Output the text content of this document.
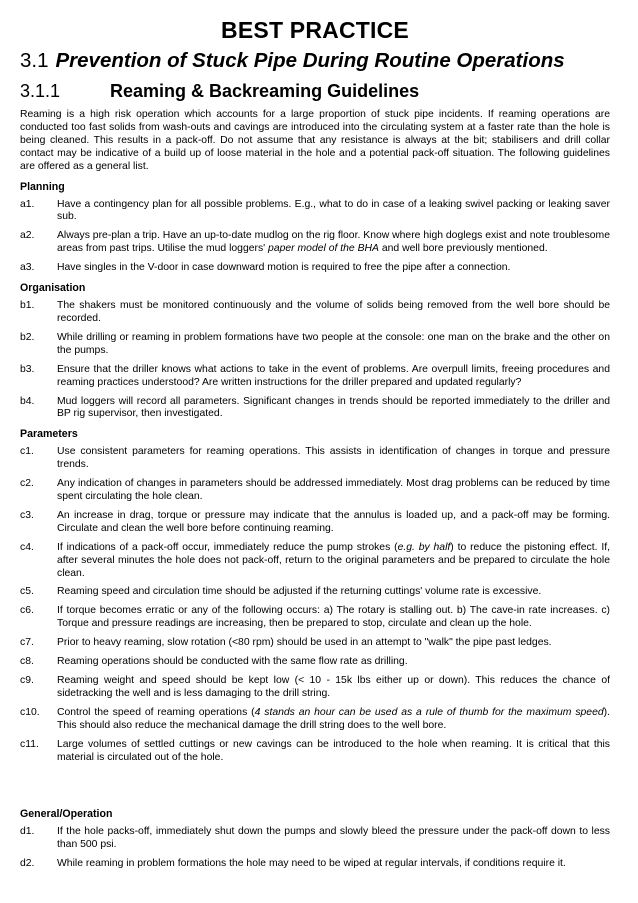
BEST PRACTICE
3.1 Prevention of Stuck Pipe During Routine Operations
3.1.1	Reaming & Backreaming Guidelines

Reaming is a high risk operation which accounts for a large proportion of stuck pipe incidents. If reaming operations are conducted too fast solids from wash-outs and cavings are introduced into the circulating system at a faster rate than the hole is being cleaned. This results in a pack-off. Do not assume that any resistance is always at the bit; stabilisers and drill collar contact may be indicative of a build up of loose material in the hole and a potential pack-off situation. The following guidelines are offered as a general list.

Planning
a1.	Have a contingency plan for all possible problems. E.g., what to do in case of a leaking swivel packing or leaking saver sub.
a2.	Always pre-plan a trip. Have an up-to-date mudlog on the rig floor. Know where high doglegs exist and note troublesome areas from past trips. Utilise the mud loggers' paper model of the BHA and well bore previously mentioned.
a3.	Have singles in the V-door in case downward motion is required to free the pipe after a connection.
Organisation
b1.	The shakers must be monitored continuously and the volume of solids being removed from the well bore should be recorded.
b2.	While drilling or reaming in problem formations have two people at the console: one man on the brake and the other on the pumps.
b3.	Ensure that the driller knows what actions to take in the event of problems. Are overpull limits, freeing procedures and reaming practices understood? Are written instructions for the driller prepared and updated regularly?
b4.	Mud loggers will record all parameters. Significant changes in trends should be reported immediately to the driller and BP rig supervisor, then investigated.
Parameters
c1.	Use consistent parameters for reaming operations. This assists in identification of changes in torque and pressure trends.
c2.	Any indication of changes in parameters should be addressed immediately. Most drag problems can be reduced by time spent circulating the hole clean.
c3.	An increase in drag, torque or pressure may indicate that the annulus is loaded up, and a pack-off may be forming. Circulate and clean the well bore before continuing reaming.
c4.	If indications of a pack-off occur, immediately reduce the pump strokes (e.g. by half) to reduce the pistoning effect. If, after several minutes the hole does not pack-off, return to the original parameters and be prepared to circulate the hole clean.
c5.	Reaming speed and circulation time should be adjusted if the returning cuttings' volume rate is excessive.
c6.	If torque becomes erratic or any of the following occurs: a) The rotary is stalling out. b) The cave-in rate increases. c) Torque and pressure readings are increasing, then be prepared to stop, circulate and clean up the hole.
c7.	Prior to heavy reaming, slow rotation (<80 rpm) should be used in an attempt to "walk" the pipe past ledges.
c8.	Reaming operations should be conducted with the same flow rate as drilling.
c9.	Reaming weight and speed should be kept low (< 10 - 15k lbs either up or down). This reduces the chance of sidetracking the well and is less damaging to the drill string.
c10.	Control the speed of reaming operations (4 stands an hour can be used as a rule of thumb for the maximum speed). This should also reduce the mechanical damage the drill string does to the well bore.
c11.	Large volumes of settled cuttings or new cavings can be introduced to the hole when reaming. It is critical that this material is circulated out of the hole.
General/Operation
d1.	If the hole packs-off, immediately shut down the pumps and slowly bleed the pressure under the pack-off down to less than 500 psi.
d2.	While reaming in problem formations the hole may need to be wiped at regular intervals, if conditions require it.
